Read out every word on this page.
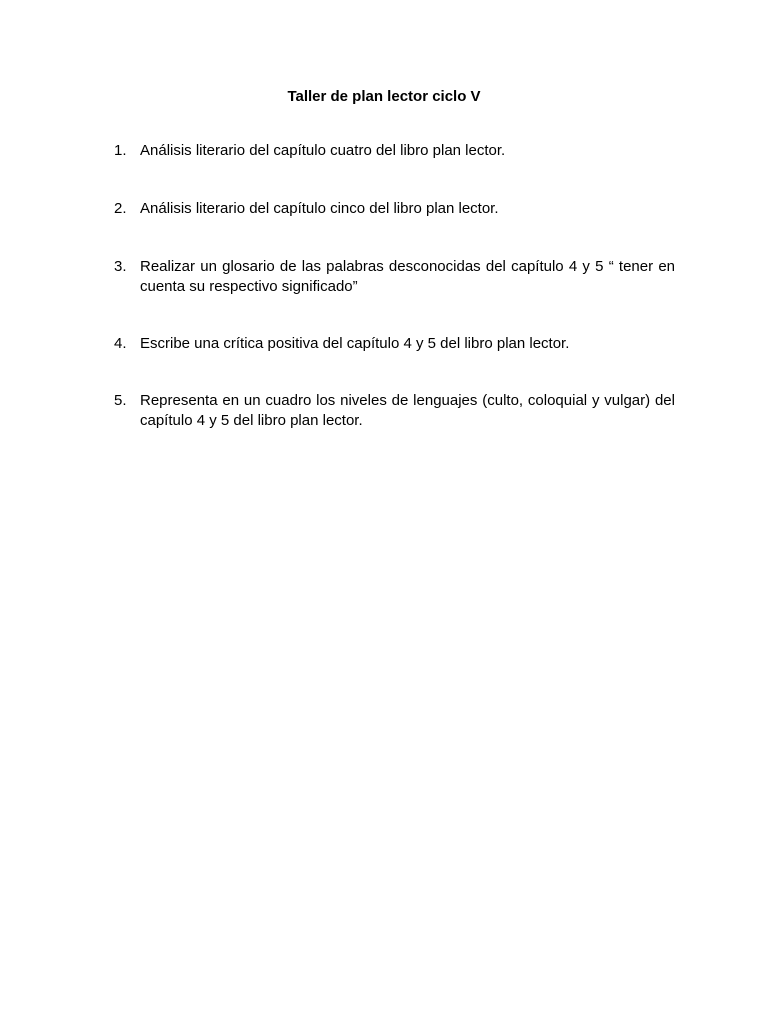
Taller de plan lector ciclo V
1. Análisis literario del capítulo cuatro del libro plan lector.
2. Análisis literario del capítulo cinco del libro plan lector.
3. Realizar un glosario de las palabras desconocidas del capítulo 4 y 5 “ tener en cuenta su respectivo significado”
4. Escribe una crítica positiva del capítulo 4 y 5 del libro plan lector.
5. Representa en un cuadro los niveles de lenguajes (culto, coloquial y vulgar) del capítulo 4 y 5 del libro plan lector.
